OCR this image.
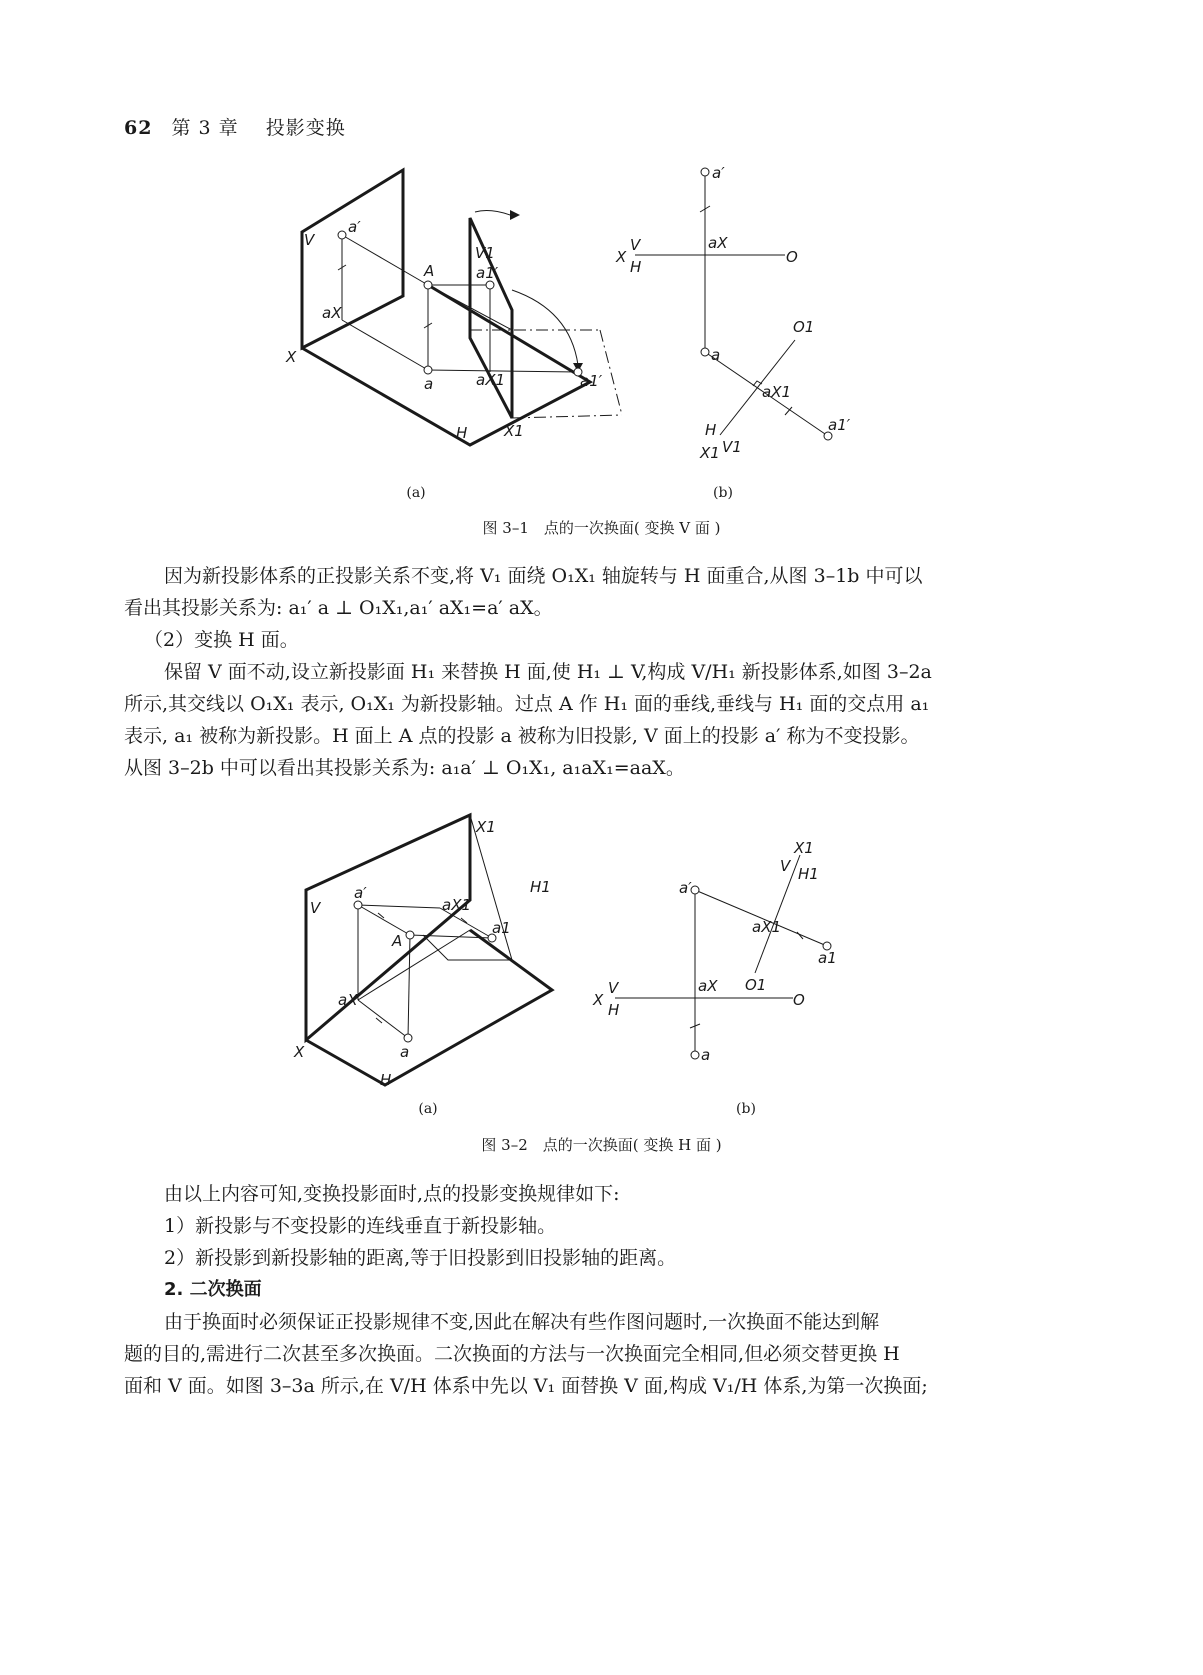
62 第 3 章　 投影变换
V
a′
A
V1
a1′
aX
X
a	aX1	a1′
H X1
a′
X
V
H
aX
O
O1
a
aX1
H
V1
X1
a1′
(a)	(b)
图 3–1　点的一次换面( 变换 V 面 )
因为新投影体系的正投影关系不变,将 V₁ 面绕 O₁X₁ 轴旋转与 H 面重合,从图 3–1b 中可以
看出其投影关系为: a₁′ a ⊥ O₁X₁,a₁′ aX₁=a′ aX。
（2）变换 H 面。
保留 V 面不动,设立新投影面 H₁ 来替换 H 面,使 H₁ ⊥ V,构成 V/H₁ 新投影体系,如图 3–2a
所示,其交线以 O₁X₁ 表示, O₁X₁ 为新投影轴。过点 A 作 H₁ 面的垂线,垂线与 H₁ 面的交点用 a₁
表示, a₁ 被称为新投影。H 面上 A 点的投影 a 被称为旧投影, V 面上的投影 a′ 称为不变投影。
从图 3–2b 中可以看出其投影关系为: a₁a′ ⊥ O₁X₁, a₁aX₁=aaX。
X1
H1
V
a′
aX1
a1
A
aX
X	a
H
X1
V H1
a′
aX1
a1
O1
X
V
H
aX
O
a
(a)	(b)
图 3–2　点的一次换面( 变换 H 面 )
由以上内容可知,变换投影面时,点的投影变换规律如下:
1）新投影与不变投影的连线垂直于新投影轴。
2）新投影到新投影轴的距离,等于旧投影到旧投影轴的距离。
2. 二次换面
由于换面时必须保证正投影规律不变,因此在解决有些作图问题时,一次换面不能达到解
题的目的,需进行二次甚至多次换面。二次换面的方法与一次换面完全相同,但必须交替更换 H
面和 V 面。如图 3–3a 所示,在 V/H 体系中先以 V₁ 面替换 V 面,构成 V₁/H 体系,为第一次换面;
